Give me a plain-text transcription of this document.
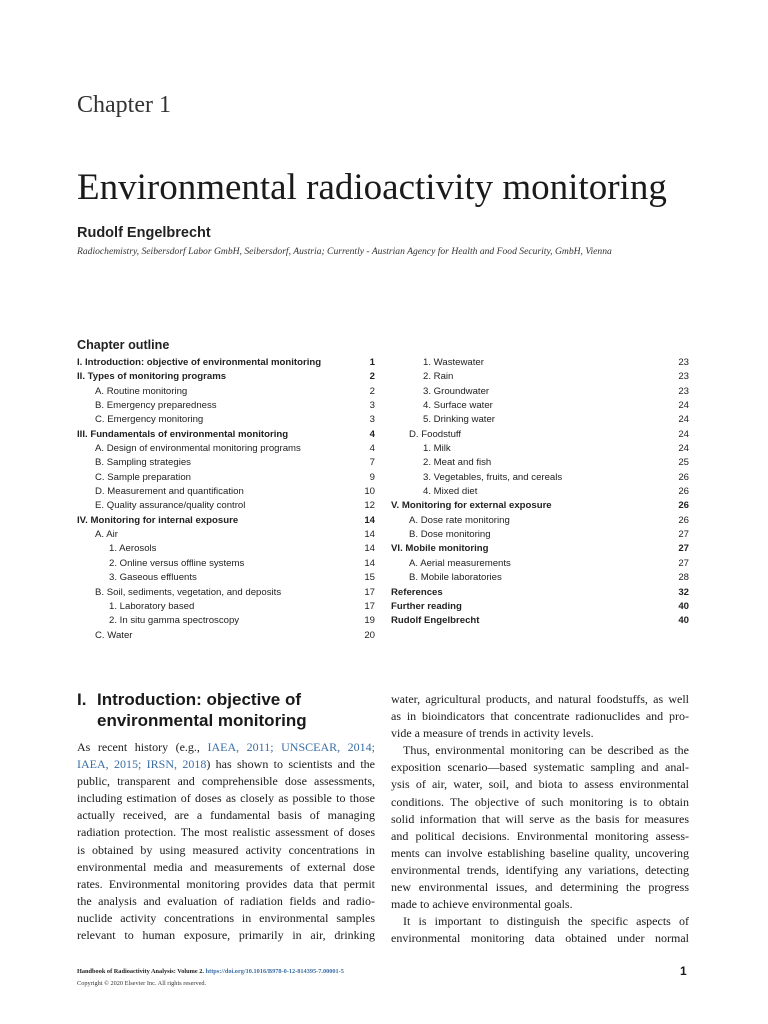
Chapter 1
Environmental radioactivity monitoring
Rudolf Engelbrecht
Radiochemistry, Seibersdorf Labor GmbH, Seibersdorf, Austria; Currently - Austrian Agency for Health and Food Security, GmbH, Vienna
Chapter outline
I. Introduction: objective of environmental monitoring	1
II. Types of monitoring programs	2
A. Routine monitoring	2
B. Emergency preparedness	3
C. Emergency monitoring	3
III. Fundamentals of environmental monitoring	4
A. Design of environmental monitoring programs	4
B. Sampling strategies	7
C. Sample preparation	9
D. Measurement and quantification	10
E. Quality assurance/quality control	12
IV. Monitoring for internal exposure	14
A. Air	14
1. Aerosols	14
2. Online versus offline systems	14
3. Gaseous effluents	15
B. Soil, sediments, vegetation, and deposits	17
1. Laboratory based	17
2. In situ gamma spectroscopy	19
C. Water	20
1. Wastewater	23
2. Rain	23
3. Groundwater	23
4. Surface water	24
5. Drinking water	24
D. Foodstuff	24
1. Milk	24
2. Meat and fish	25
3. Vegetables, fruits, and cereals	26
4. Mixed diet	26
V. Monitoring for external exposure	26
A. Dose rate monitoring	26
B. Dose monitoring	27
VI. Mobile monitoring	27
A. Aerial measurements	27
B. Mobile laboratories	28
References	32
Further reading	40
Rudolf Engelbrecht	40
I. Introduction: objective of
environmental monitoring
As recent history (e.g., IAEA, 2011; UNSCEAR, 2014;
IAEA, 2015; IRSN, 2018) has shown to scientists and the
public, transparent and comprehensible dose assessments,
including estimation of doses as closely as possible to those
actually received, are a fundamental basis of managing
radiation protection. The most realistic assessment of doses
is obtained by using measured activity concentrations in
environmental media and measurements of external dose
rates. Environmental monitoring provides data that permit
the analysis and evaluation of radiation fields and radio-
nuclide activity concentrations in environmental samples
relevant to human exposure, primarily in air, drinking
water, agricultural products, and natural foodstuffs, as well
as in bioindicators that concentrate radionuclides and pro-
vide a measure of trends in activity levels.
Thus, environmental monitoring can be described as the
exposition scenario—based systematic sampling and anal-
ysis of air, water, soil, and biota to assess environmental
conditions. The objective of such monitoring is to obtain
solid information that will serve as the basis for measures
and political decisions. Environmental monitoring assess-
ments can involve establishing baseline quality, uncovering
environmental trends, identifying any variations, detecting
new environmental issues, and determining the progress
made to achieve environmental goals.
It is important to distinguish the specific aspects of
environmental monitoring data obtained under normal
Handbook of Radioactivity Analysis: Volume 2. https://doi.org/10.1016/B978-0-12-814395-7.00001-5
Copyright © 2020 Elsevier Inc. All rights reserved.
1
